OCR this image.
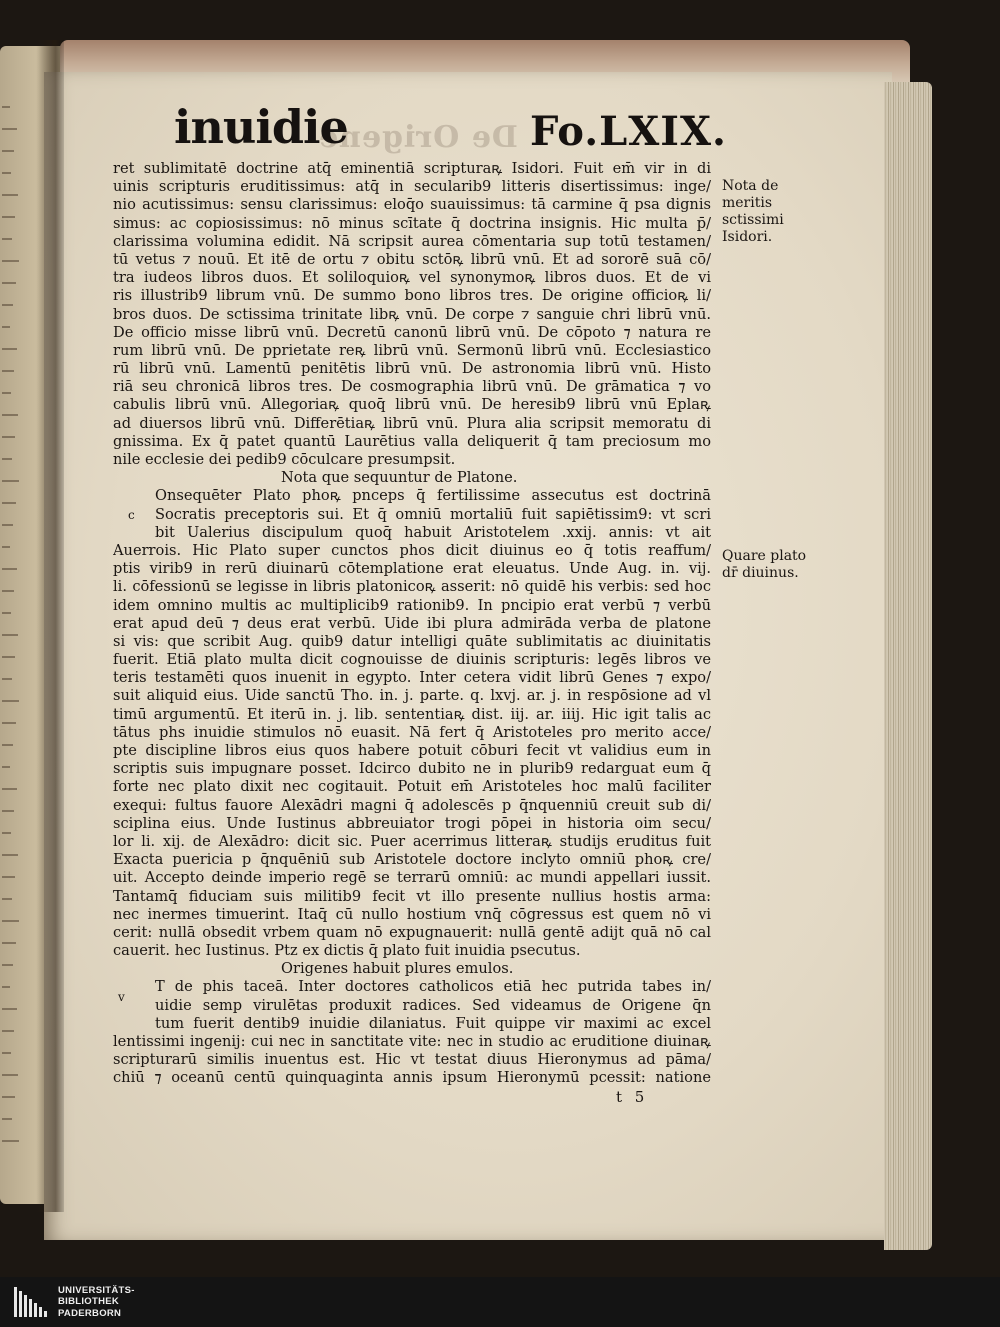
De Origene
inuidie	Fo.LXIX.
ret sublimitatē doctrine atq̄ eminentiā scripturaꝶ Isidori. Fuit em̄ vir in di
uinis scripturis eruditissimus: atq̄ in secularib9 litteris disertissimus: inge/
nio acutissimus: sensu clarissimus: eloq̄o suauissimus: tā carmine q̄ psa dignis
simus: ac copiosissimus: nō minus scītate q̄ doctrina insignis. Hic multa p̄/
clarissima volumina edidit. Nā scripsit aurea cōmentaria sup totū testamen/
tū vetus ⁊ nouū. Et itē de ortu ⁊ obitu sctōꝶ librū vnū. Et ad sororē suā cō/
tra iudeos libros duos. Et soliloquioꝶ vel synonymoꝶ libros duos. Et de vi
ris illustrib9 librum vnū. De summo bono libros tres. De origine officioꝶ li/
bros duos. De sctissima trinitate libꝶ vnū. De corpe ⁊ sanguie chri librū vnū.
De officio misse librū vnū. Decretū canonū librū vnū. De cōpoto ⁊ natura re
rum librū vnū. De pprietate reꝶ librū vnū. Sermonū librū vnū. Ecclesiastico
rū librū vnū. Lamentū penitētis librū vnū. De astronomia librū vnū. Histo
riā seu chronicā libros tres. De cosmographia librū vnū. De grāmatica ⁊ vo
cabulis librū vnū. Allegoriaꝶ quoq̄ librū vnū. De heresib9 librū vnū Eplaꝶ
ad diuersos librū vnū. Differētiaꝶ librū vnū. Plura alia scripsit memoratu di
gnissima. Ex q̄ patet quantū Laurētius valla deliquerit q̄ tam preciosum mo
nile ecclesie dei pedib9 cōculcare presumpsit.
Nota que sequuntur de Platone.
Onsequēter Plato phoꝶ pnceps q̄ fertilissime assecutus est doctrinā
Socratis preceptoris sui. Et q̄ omniū mortaliū fuit sapiētissim9: vt scri
bit Ualerius discipulum quoq̄ habuit Aristotelem .xxij. annis: vt ait
Auerrois. Hic Plato super cunctos phos dicit diuinus eo q̄ totis reaffum/
ptis virib9 in rerū diuinarū cōtemplatione erat eleuatus. Unde Aug. in. vij.
li. cōfessionū se legisse in libris platonicoꝶ asserit: nō quidē his verbis: sed hoc
idem omnino multis ac multiplicib9 rationib9. In pncipio erat verbū ⁊ verbū
erat apud deū ⁊ deus erat verbū. Uide ibi plura admirāda verba de platone
si vis: que scribit Aug. quib9 datur intelligi quāte sublimitatis ac diuinitatis
fuerit. Etiā plato multa dicit cognouisse de diuinis scripturis: legēs libros ve
teris testamēti quos inuenit in egypto. Inter cetera vidit librū Genes ⁊ expo/
suit aliquid eius. Uide sanctū Tho. in. j. parte. q. lxvj. ar. j. in respōsione ad vl
timū argumentū. Et iterū in. j. lib. sententiaꝶ dist. iij. ar. iiij. Hic igit talis ac
tātus phs inuidie stimulos nō euasit. Nā fert q̄ Aristoteles pro merito acce/
pte discipline libros eius quos habere potuit cōburi fecit vt validius eum in
scriptis suis impugnare posset. Idcirco dubito ne in plurib9 redarguat eum q̄
forte nec plato dixit nec cogitauit. Potuit em̄ Aristoteles hoc malū faciliter
exequi: fultus fauore Alexādri magni q̄ adolescēs p q̄nquenniū creuit sub di/
sciplina eius. Unde Iustinus abbreuiator trogi pōpei in historia oim secu/
lor li. xij. de Alexādro: dicit sic. Puer acerrimus litteraꝶ studijs eruditus fuit
Exacta puericia p q̄nquēniū sub Aristotele doctore inclyto omniū phoꝶ cre/
uit. Accepto deinde imperio regē se terrarū omniū: ac mundi appellari iussit.
Tantamq̄ fiduciam suis militib9 fecit vt illo presente nullius hostis arma:
nec inermes timuerint. Itaq̄ cū nullo hostium vnq̄ cōgressus est quem nō vi
cerit: nullā obsedit vrbem quam nō expugnauerit: nullā gentē adijt quā nō cal
cauerit. hec Iustinus. Ptz ex dictis q̄ plato fuit inuidia psecutus.
Origenes habuit plures emulos.
T de phis taceā. Inter doctores catholicos etiā hec putrida tabes in/
uidie semp virulētas produxit radices. Sed videamus de Origene q̄n
tum fuerit dentib9 inuidie dilaniatus. Fuit quippe vir maximi ac excel
lentissimi ingenij: cui nec in sanctitate vite: nec in studio ac eruditione diuinaꝶ
scripturarū similis inuentus est. Hic vt testat diuus Hieronymus ad pāma/
chiū ⁊ oceanū centū quinquaginta annis ipsum Hieronymū pcessit: natione
c
v
Nota de meritis sctissimi Isidori.
Quare plato dr̄ diuinus.
t 5
UNIVERSITÄTS-
BIBLIOTHEK
PADERBORN
